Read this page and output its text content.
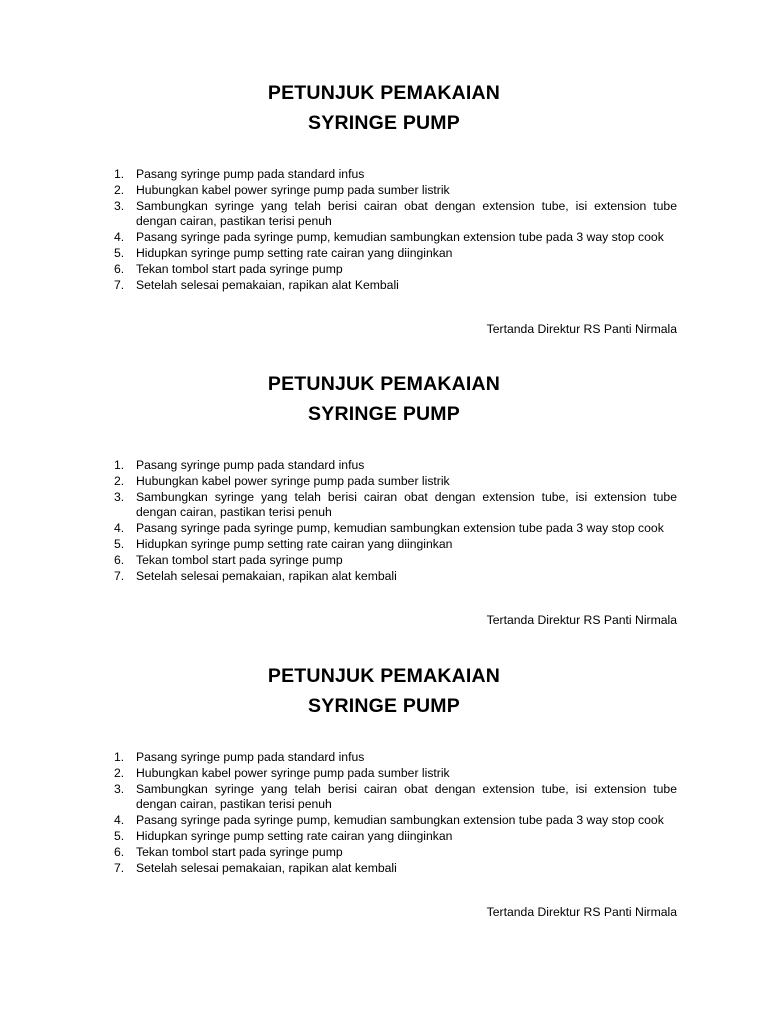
PETUNJUK PEMAKAIAN
SYRINGE PUMP
1. Pasang syringe pump pada standard infus
2. Hubungkan kabel power syringe pump pada sumber listrik
3. Sambungkan syringe yang telah berisi cairan obat dengan extension tube, isi extension tube dengan cairan, pastikan terisi penuh
4. Pasang syringe pada syringe pump, kemudian sambungkan extension tube pada 3 way stop cook
5. Hidupkan syringe pump setting rate cairan yang diinginkan
6. Tekan tombol start pada syringe pump
7. Setelah selesai pemakaian, rapikan alat Kembali
Tertanda Direktur RS Panti Nirmala
PETUNJUK PEMAKAIAN
SYRINGE PUMP
1. Pasang syringe pump pada standard infus
2. Hubungkan kabel power syringe pump pada sumber listrik
3. Sambungkan syringe yang telah berisi cairan obat dengan extension tube, isi extension tube dengan cairan, pastikan terisi penuh
4. Pasang syringe pada syringe pump, kemudian sambungkan extension tube pada 3 way stop cook
5. Hidupkan syringe pump setting rate cairan yang diinginkan
6. Tekan tombol start pada syringe pump
7. Setelah selesai pemakaian, rapikan alat kembali
Tertanda Direktur RS Panti Nirmala
PETUNJUK PEMAKAIAN
SYRINGE PUMP
1. Pasang syringe pump pada standard infus
2. Hubungkan kabel power syringe pump pada sumber listrik
3. Sambungkan syringe yang telah berisi cairan obat dengan extension tube, isi extension tube dengan cairan, pastikan terisi penuh
4. Pasang syringe pada syringe pump, kemudian sambungkan extension tube pada 3 way stop cook
5. Hidupkan syringe pump setting rate cairan yang diinginkan
6. Tekan tombol start pada syringe pump
7. Setelah selesai pemakaian, rapikan alat kembali
Tertanda Direktur RS Panti Nirmala
